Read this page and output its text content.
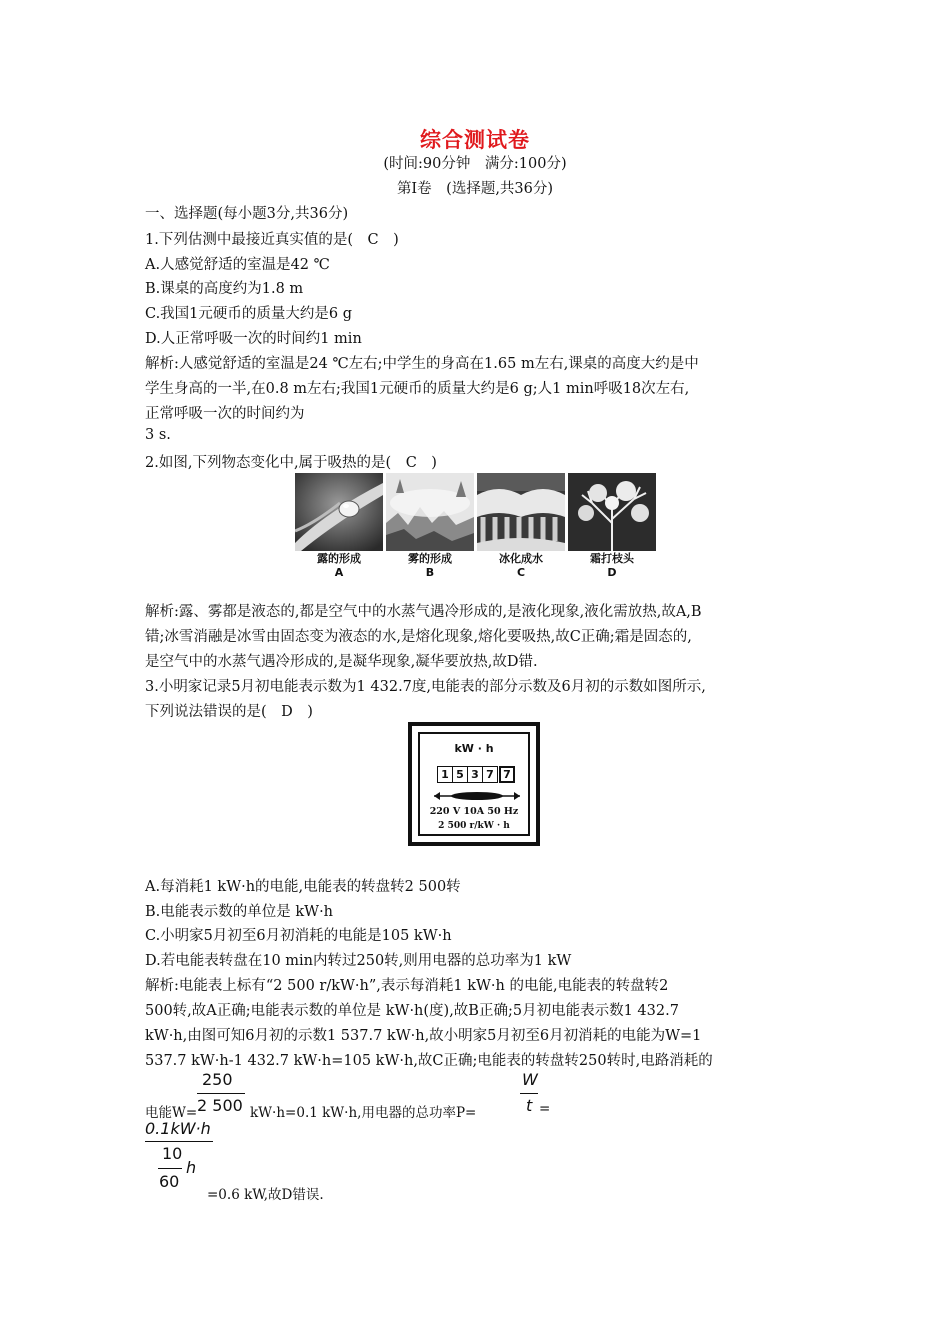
综合测试卷
(时间:90分钟　满分:100分)
第Ⅰ卷　(选择题,共36分)
一、选择题(每小题3分,共36分)
1.下列估测中最接近真实值的是(　C　)
A.人感觉舒适的室温是42 ℃
B.课桌的高度约为1.8 m
C.我国1元硬币的质量大约是6 g
D.人正常呼吸一次的时间约1 min
解析:人感觉舒适的室温是24 ℃左右;中学生的身高在1.65 m左右,课桌的高度大约是中
学生身高的一半,在0.8 m左右;我国1元硬币的质量大约是6 g;人1 min呼吸18次左右,
正常呼吸一次的时间约为
3 s.
2.如图,下列物态变化中,属于吸热的是(　C　)
露的形成
A
雾的形成
B
冰化成水
C
霜打枝头
D
解析:露、雾都是液态的,都是空气中的水蒸气遇冷形成的,是液化现象,液化需放热,故A,B
错;冰雪消融是冰雪由固态变为液态的水,是熔化现象,熔化要吸热,故C正确;霜是固态的,
是空气中的水蒸气遇冷形成的,是凝华现象,凝华要放热,故D错.
3.小明家记录5月初电能表示数为1 432.7度,电能表的部分示数及6月初的示数如图所示,
下列说法错误的是(　D　)
kW · h
1 5 3 7 7
220 V 10A 50 Hz
2 500 r/kW · h
A.每消耗1 kW·h的电能,电能表的转盘转2 500转
B.电能表示数的单位是 kW·h
C.小明家5月初至6月初消耗的电能是105 kW·h
D.若电能表转盘在10 min内转过250转,则用电器的总功率为1 kW
解析:电能表上标有“2 500 r/kW·h”,表示每消耗1 kW·h 的电能,电能表的转盘转2
500转,故A正确;电能表示数的单位是 kW·h(度),故B正确;5月初电能表示数1 432.7
kW·h,由图可知6月初的示数1 537.7 kW·h,故小明家5月初至6月初消耗的电能为W=1
537.7 kW·h-1 432.7 kW·h=105 kW·h,故C正确;电能表的转盘转250转时,电路消耗的
电能W=
250
2 500 kW·h=0.1 kW·h,用电器的总功率P=
W
t =
0.1kW·h
10
60
h
=0.6 kW,故D错误.
